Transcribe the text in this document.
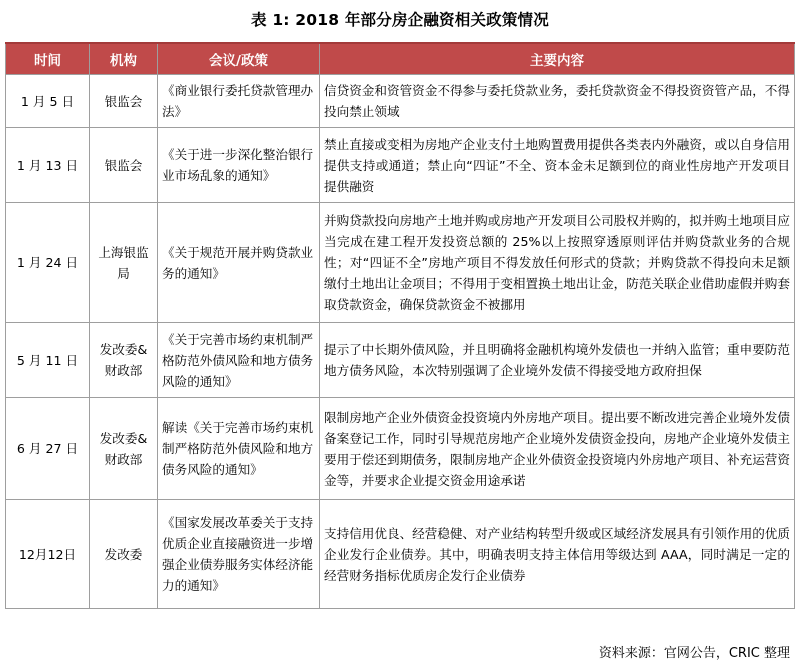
表 1: 2018 年部分房企融资相关政策情况
时间	机构	会议/政策	主要内容
1 月 5 日	银监会	《商业银行委托贷款管理办法》	信贷资金和资管资金不得参与委托贷款业务，委托贷款资金不得投资资管产品，不得投向禁止领域
1 月 13 日	银监会	《关于进一步深化整治银行业市场乱象的通知》	禁止直接或变相为房地产企业支付土地购置费用提供各类表内外融资，或以自身信用提供支持或通道；禁止向“四证”不全、资本金未足额到位的商业性房地产开发项目提供融资
1 月 24 日	上海银监局	《关于规范开展并购贷款业务的通知》	并购贷款投向房地产土地并购或房地产开发项目公司股权并购的，拟并购土地项目应当完成在建工程开发投资总额的 25%以上按照穿透原则评估并购贷款业务的合规性；对“四证不全”房地产项目不得发放任何形式的贷款；并购贷款不得投向未足额缴付土地出让金项目；不得用于变相置换土地出让金，防范关联企业借助虚假并购套取贷款资金，确保贷款资金不被挪用
5 月 11 日	发改委&财政部	《关于完善市场约束机制严格防范外债风险和地方债务风险的通知》	提示了中长期外债风险，并且明确将金融机构境外发债也一并纳入监管；重申要防范地方债务风险，本次特别强调了企业境外发债不得接受地方政府担保
6 月 27 日	发改委&财政部	解读《关于完善市场约束机制严格防范外债风险和地方债务风险的通知》	限制房地产企业外债资金投资境内外房地产项目。提出要不断改进完善企业境外发债备案登记工作，同时引导规范房地产企业境外发债资金投向，房地产企业境外发债主要用于偿还到期债务，限制房地产企业外债资金投资境内外房地产项目、补充运营资金等，并要求企业提交资金用途承诺
12月12日	发改委	《国家发展改革委关于支持优质企业直接融资进一步增强企业债券服务实体经济能力的通知》	支持信用优良、经营稳健、对产业结构转型升级或区域经济发展具有引领作用的优质企业发行企业债券。其中，明确表明支持主体信用等级达到 AAA，同时满足一定的经营财务指标优质房企发行企业债券
资料来源：官网公告，CRIC 整理
